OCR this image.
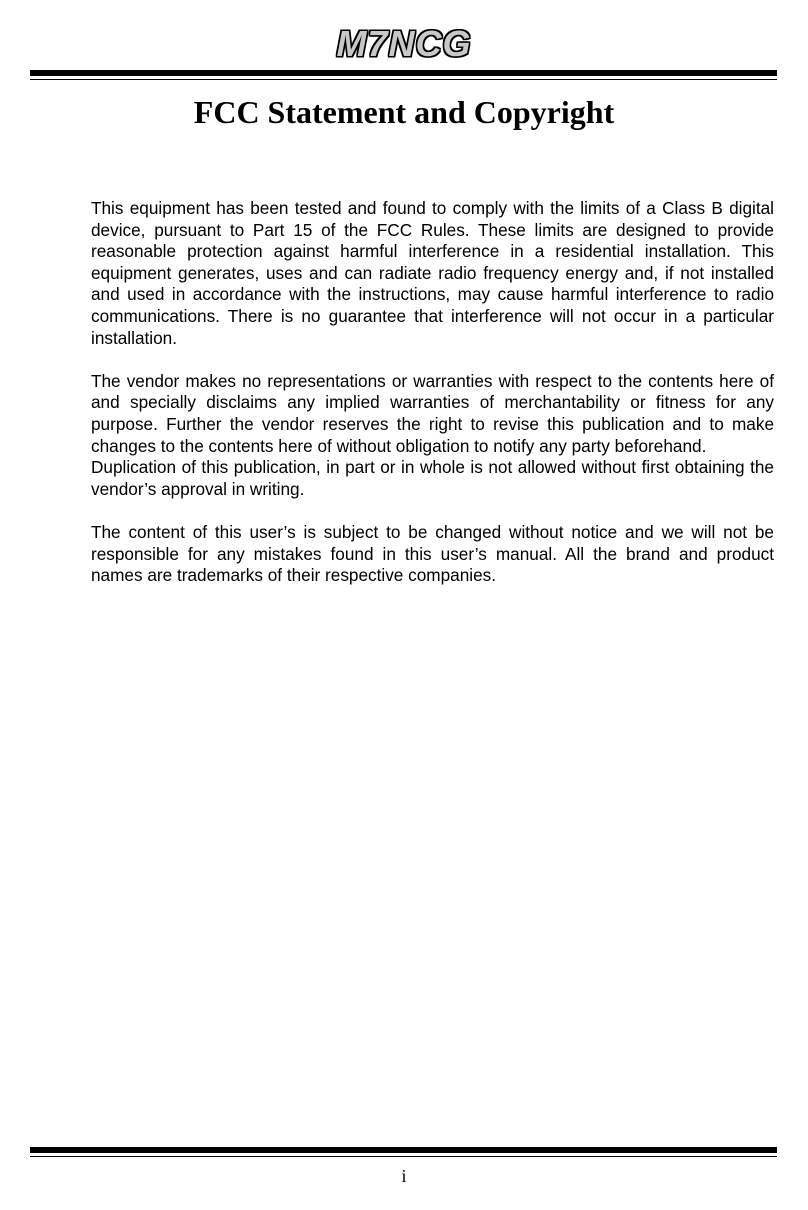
M7NCG
FCC Statement and Copyright

This equipment has been tested and found to comply with the limits of a Class B digital device, pursuant to Part 15 of the FCC Rules. These limits are designed to provide reasonable protection against harmful interference in a residential installation. This equipment generates, uses and can radiate radio frequency energy and, if not installed and used in accordance with the instructions, may cause harmful interference to radio communications. There is no guarantee that interference will not occur in a particular installation.

The vendor makes no representations or warranties with respect to the contents here of and specially disclaims any implied warranties of merchantability or fitness for any purpose. Further the vendor reserves the right to revise this publication and to make changes to the contents here of without obligation to notify any party beforehand.

Duplication of this publication, in part or in whole is not allowed without first obtaining the vendor’s approval in writing.

The content of this user’s is subject to be changed without notice and we will not be responsible for any mistakes found in this user’s manual. All the brand and product names are trademarks of their respective companies.

i
